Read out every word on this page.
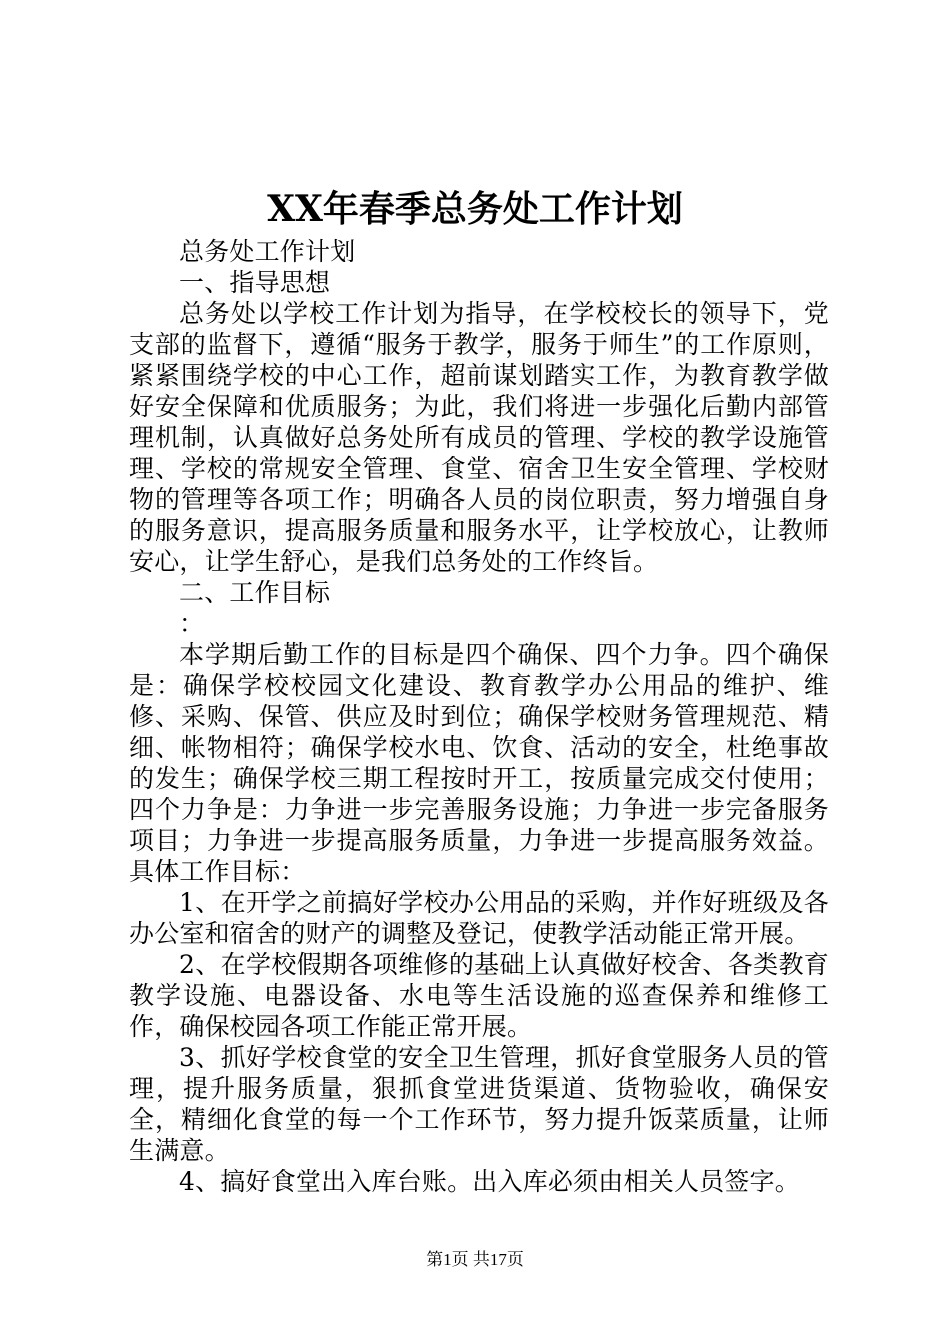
XX年春季总务处工作计划

总务处工作计划

一、指导思想

总务处以学校工作计划为指导，在学校校长的领导下，党支部的监督下，遵循“服务于教学，服务于师生”的工作原则，紧紧围绕学校的中心工作，超前谋划踏实工作，为教育教学做好安全保障和优质服务；为此，我们将进一步强化后勤内部管理机制，认真做好总务处所有成员的管理、学校的教学设施管理、学校的常规安全管理、食堂、宿舍卫生安全管理、学校财物的管理等各项工作；明确各人员的岗位职责，努力增强自身的服务意识，提高服务质量和服务水平，让学校放心，让教师安心，让学生舒心，是我们总务处的工作终旨。

二、工作目标

：

本学期后勤工作的目标是四个确保、四个力争。四个确保是：确保学校校园文化建设、教育教学办公用品的维护、维修、采购、保管、供应及时到位；确保学校财务管理规范、精细、帐物相符；确保学校水电、饮食、活动的安全，杜绝事故的发生；确保学校三期工程按时开工，按质量完成交付使用；四个力争是：力争进一步完善服务设施；力争进一步完备服务项目；力争进一步提高服务质量，力争进一步提高服务效益。具体工作目标：

1、在开学之前搞好学校办公用品的采购，并作好班级及各办公室和宿舍的财产的调整及登记，使教学活动能正常开展。

2、在学校假期各项维修的基础上认真做好校舍、各类教育教学设施、电器设备、水电等生活设施的巡查保养和维修工作，确保校园各项工作能正常开展。

3、抓好学校食堂的安全卫生管理，抓好食堂服务人员的管理，提升服务质量，狠抓食堂进货渠道、货物验收，确保安全，精细化食堂的每一个工作环节，努力提升饭菜质量，让师生满意。

4、搞好食堂出入库台账。出入库必须由相关人员签字。

第1页 共17页
